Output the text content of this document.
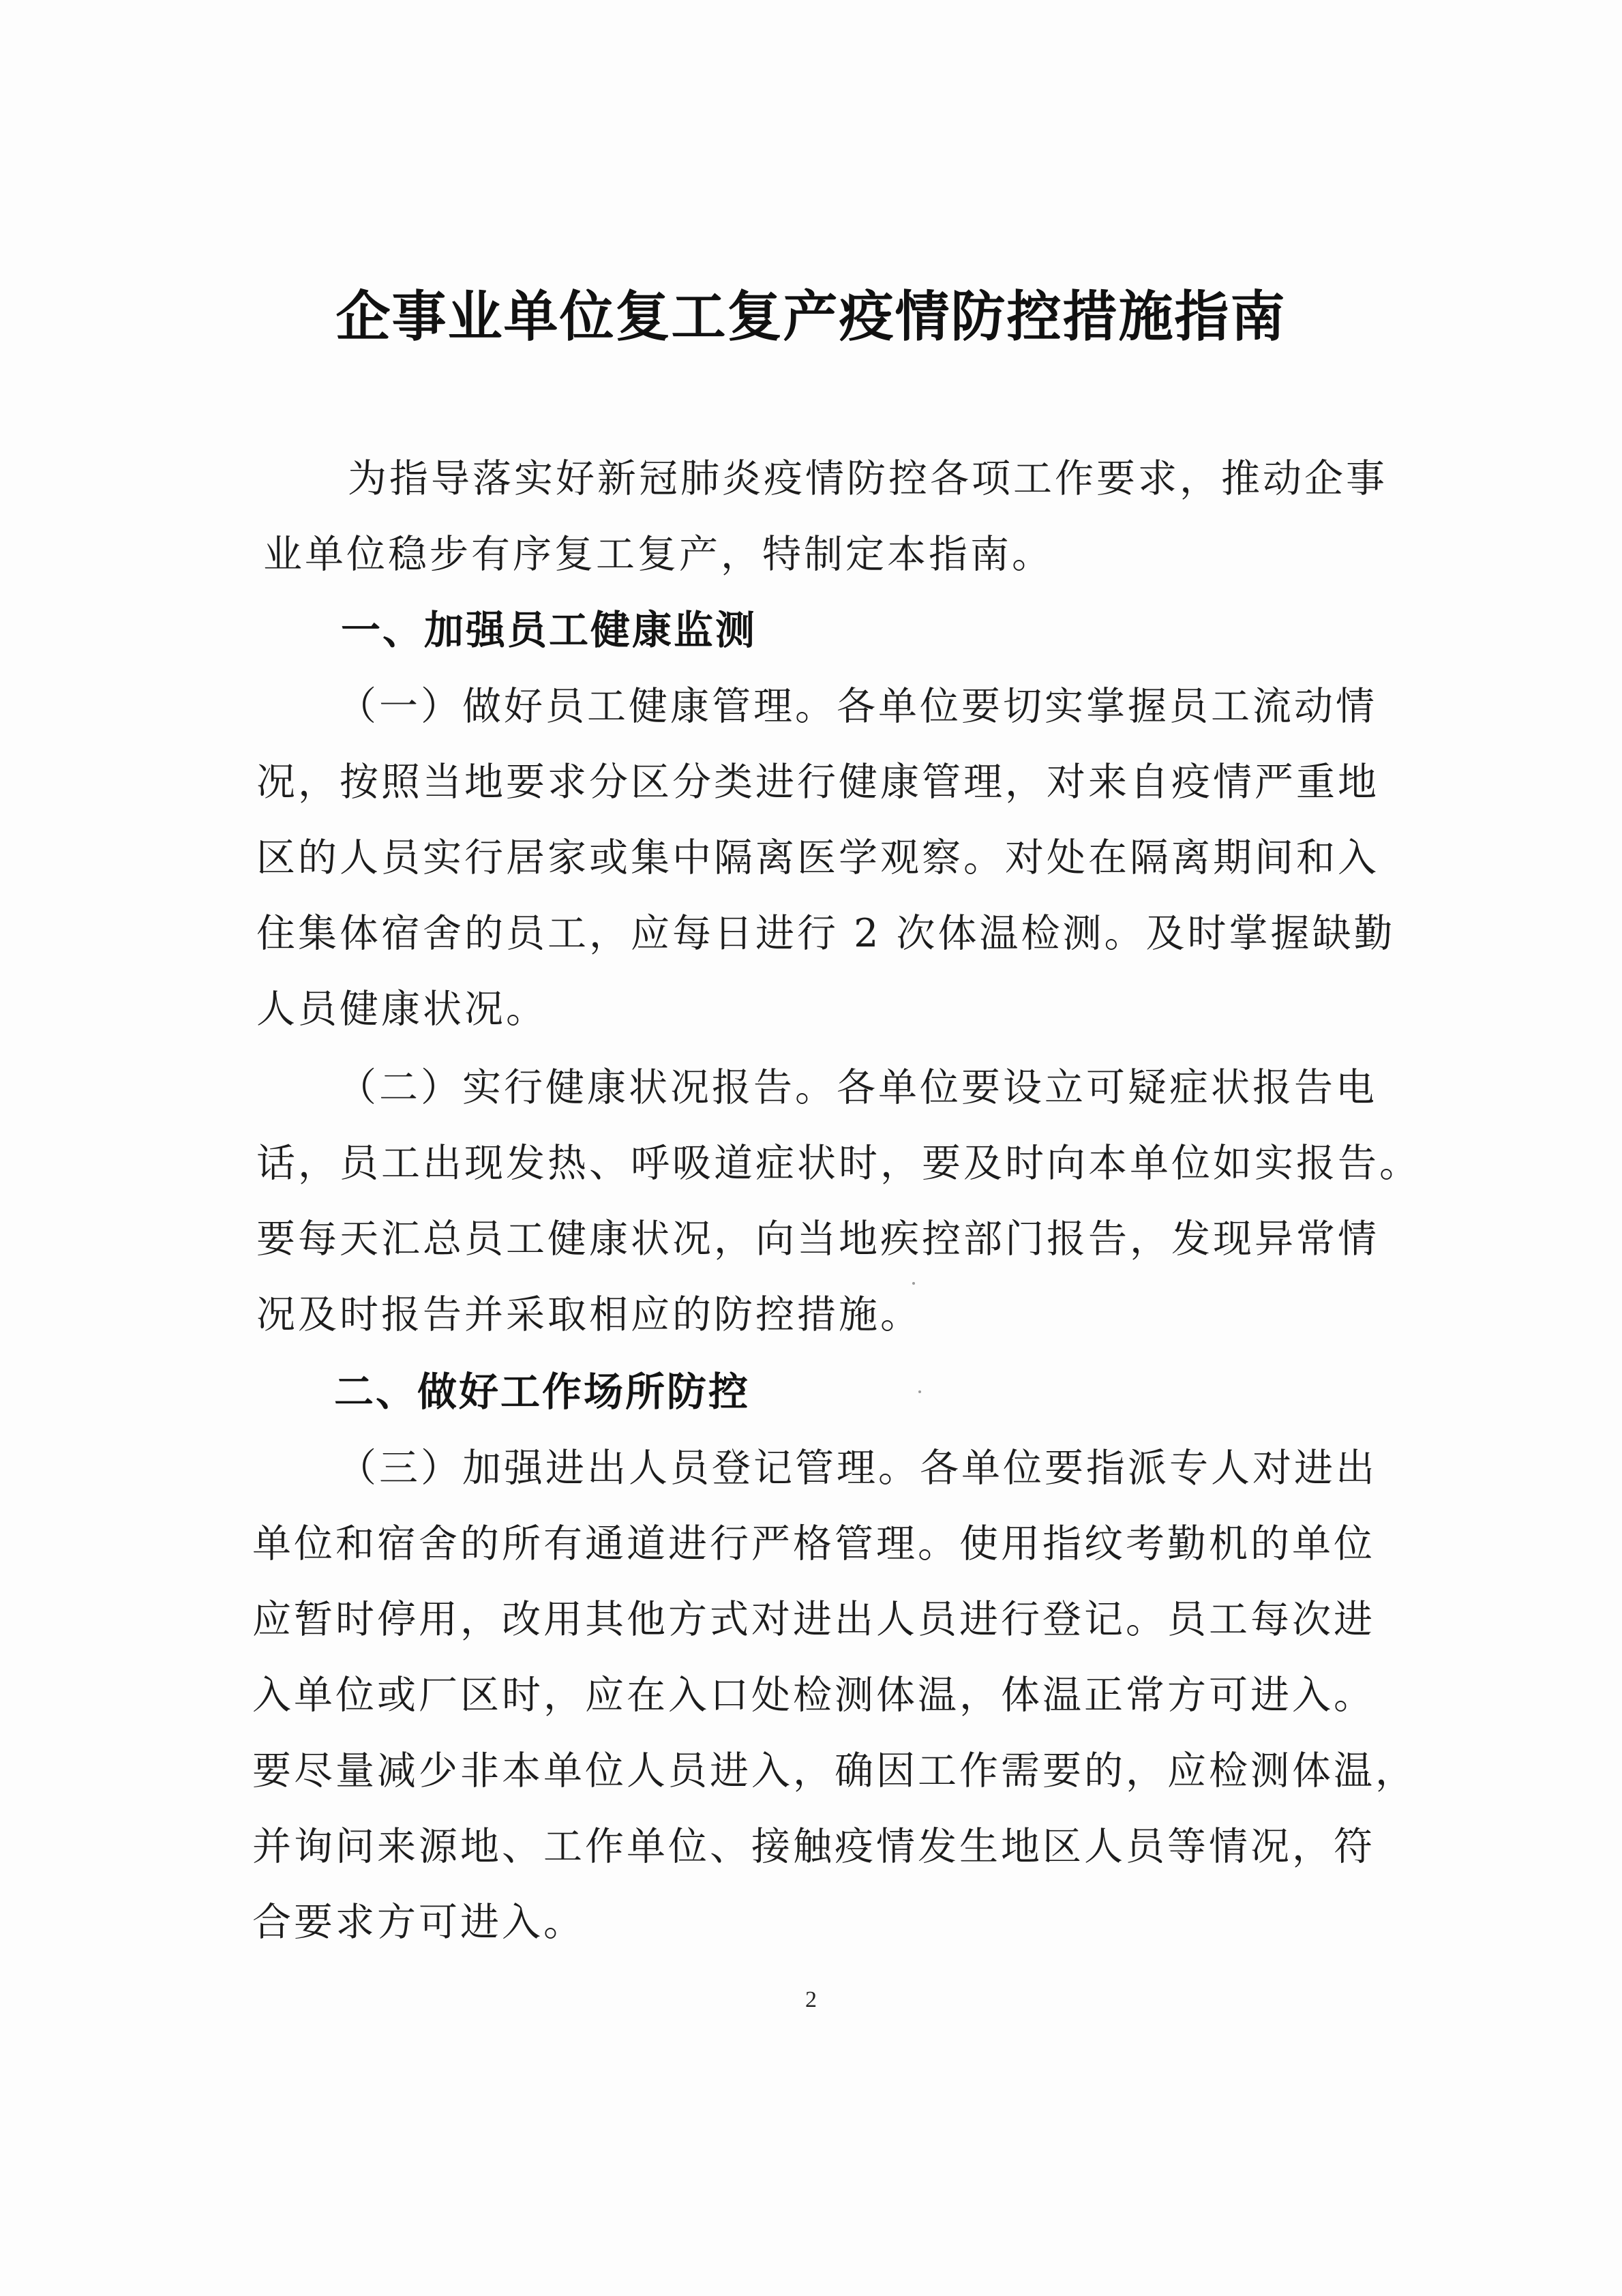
企事业单位复工复产疫情防控措施指南
为指导落实好新冠肺炎疫情防控各项工作要求，推动企事
业单位稳步有序复工复产，特制定本指南。
一、加强员工健康监测
（一）做好员工健康管理。各单位要切实掌握员工流动情
况，按照当地要求分区分类进行健康管理，对来自疫情严重地
区的人员实行居家或集中隔离医学观察。对处在隔离期间和入
住集体宿舍的员工，应每日进行 2 次体温检测。及时掌握缺勤
人员健康状况。
（二）实行健康状况报告。各单位要设立可疑症状报告电
话，员工出现发热、呼吸道症状时，要及时向本单位如实报告。
要每天汇总员工健康状况，向当地疾控部门报告，发现异常情
况及时报告并采取相应的防控措施。
二、做好工作场所防控
（三）加强进出人员登记管理。各单位要指派专人对进出
单位和宿舍的所有通道进行严格管理。使用指纹考勤机的单位
应暂时停用，改用其他方式对进出人员进行登记。员工每次进
入单位或厂区时，应在入口处检测体温，体温正常方可进入。
要尽量减少非本单位人员进入，确因工作需要的，应检测体温，
并询问来源地、工作单位、接触疫情发生地区人员等情况，符
合要求方可进入。
2
